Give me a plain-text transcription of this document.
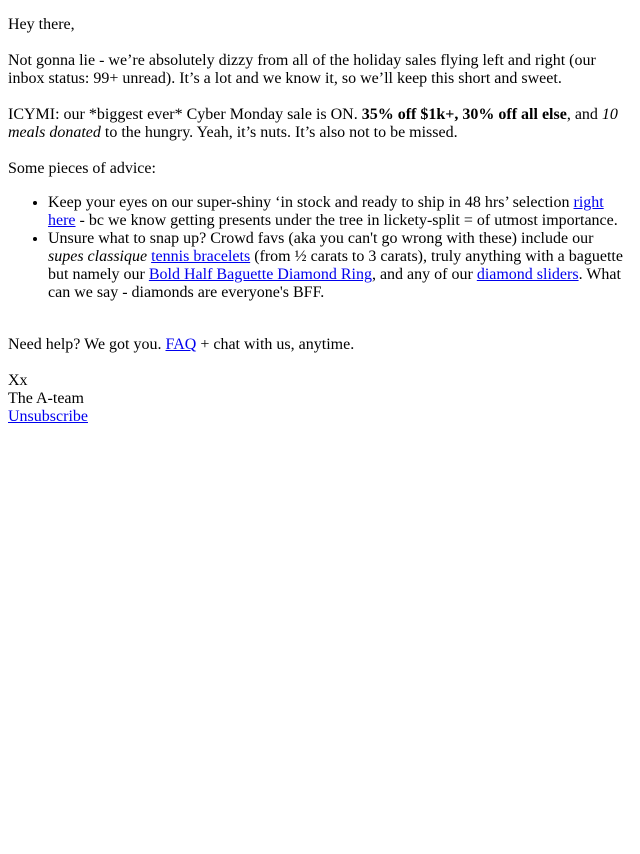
Hey there,

Not gonna lie - we’re absolutely dizzy from all of the holiday sales flying left and right (our inbox status: 99+ unread). It’s a lot and we know it, so we’ll keep this short and sweet.

ICYMI: our *biggest ever* Cyber Monday sale is ON. 35% off $1k+, 30% off all else, and 10 meals donated to the hungry. Yeah, it’s nuts. It’s also not to be missed.

Some pieces of advice:

• Keep your eyes on our super-shiny ‘in stock and ready to ship in 48 hrs’ selection right here - bc we know getting presents under the tree in lickety-split = of utmost importance.
• Unsure what to snap up? Crowd favs (aka you can't go wrong with these) include our supes classique tennis bracelets (from ½ carats to 3 carats), truly anything with a baguette but namely our Bold Half Baguette Diamond Ring, and any of our diamond sliders. What can we say - diamonds are everyone's BFF.

Need help? We got you. FAQ + chat with us, anytime.

Xx
The A-team
Unsubscribe
